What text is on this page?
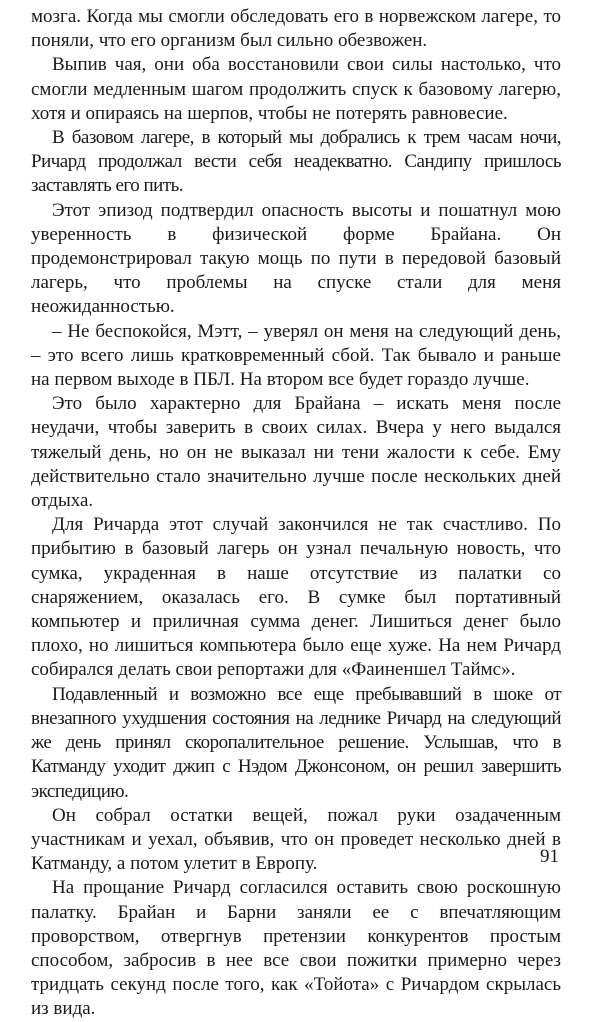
мозга. Когда мы смогли обследовать его в норвежском лагере, то поняли, что его организм был сильно обезвожен.

Выпив чая, они оба восстановили свои силы настолько, что смогли медленным шагом продолжить спуск к базовому лагерю, хотя и опираясь на шерпов, чтобы не потерять равновесие.

В базовом лагере, в который мы добрались к трем часам ночи, Ричард продолжал вести себя неадекватно. Сандипу пришлось заставлять его пить.

Этот эпизод подтвердил опасность высоты и пошатнул мою уверенность в физической форме Брайана. Он продемонстрировал такую мощь по пути в передовой базовый лагерь, что проблемы на спуске стали для меня неожиданностью.

– Не беспокойся, Мэтт, – уверял он меня на следующий день, – это всего лишь кратковременный сбой. Так бывало и раньше на первом выходе в ПБЛ. На втором все будет гораздо лучше.

Это было характерно для Брайана – искать меня после неудачи, чтобы заверить в своих силах. Вчера у него выдался тяжелый день, но он не выказал ни тени жалости к себе. Ему действительно стало значительно лучше после нескольких дней отдыха.

Для Ричарда этот случай закончился не так счастливо. По прибытию в базовый лагерь он узнал печальную новость, что сумка, украденная в наше отсутствие из палатки со снаряжением, оказалась его. В сумке был портативный компьютер и приличная сумма денег. Лишиться денег было плохо, но лишиться компьютера было еще хуже. На нем Ричард собирался делать свои репортажи для «Фаиненшел Таймс».

Подавленный и возможно все еще пребывавший в шоке от внезапного ухудшения состояния на леднике Ричард на следующий же день принял скоропалительное решение. Услышав, что в Катманду уходит джип с Нэдом Джонсоном, он решил завершить экспедицию.

Он собрал остатки вещей, пожал руки озадаченным участникам и уехал, объявив, что он проведет несколько дней в Катманду, а потом улетит в Европу.

На прощание Ричард согласился оставить свою роскошную палатку. Брайан и Барни заняли ее с впечатляющим проворством, отвергнув претензии конкурентов простым способом, забросив в нее все свои пожитки примерно через тридцать секунд после того, как «Тойота» с Ричардом скрылась из вида.

91
